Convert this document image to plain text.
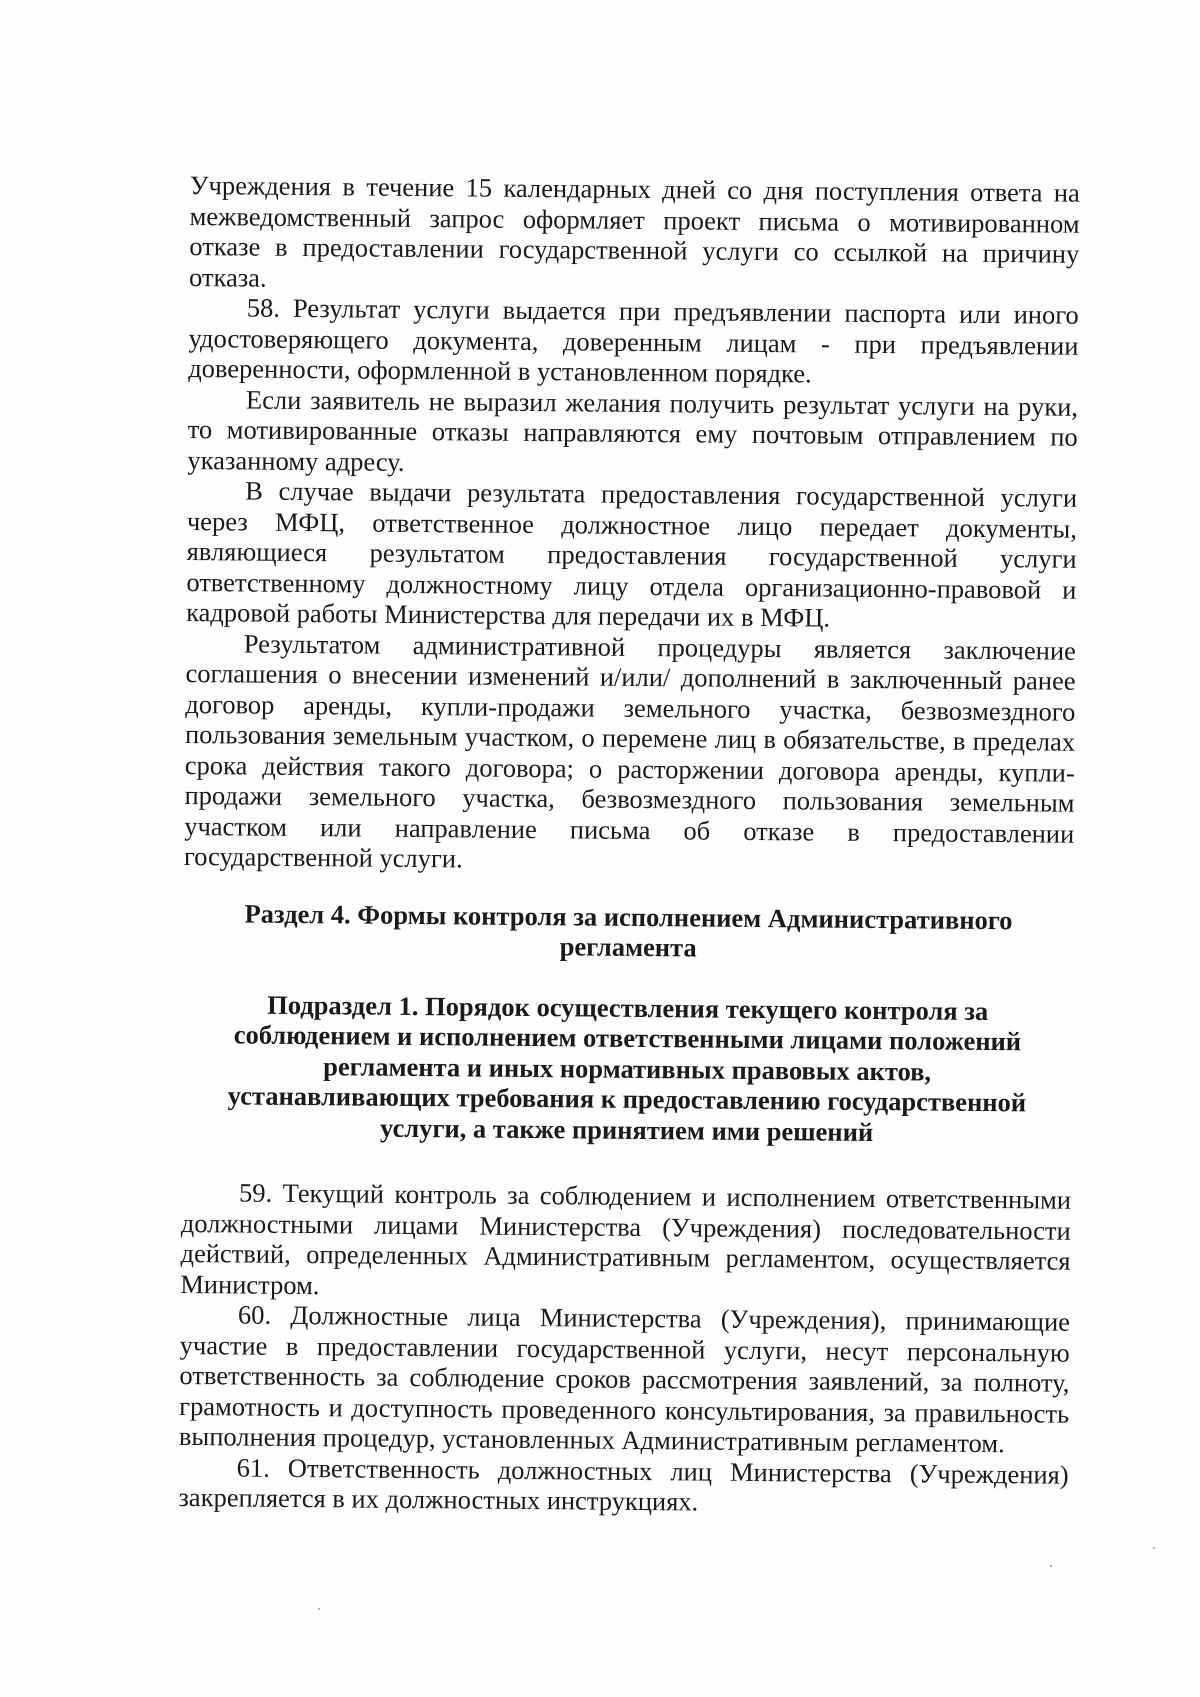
Учреждения в течение 15 календарных дней со дня поступления ответа на межведомственный запрос оформляет проект письма о мотивированном отказе в предоставлении государственной услуги со ссылкой на причину отказа.

58. Результат услуги выдается при предъявлении паспорта или иного удостоверяющего документа, доверенным лицам - при предъявлении доверенности, оформленной в установленном порядке.

Если заявитель не выразил желания получить результат услуги на руки, то мотивированные отказы направляются ему почтовым отправлением по указанному адресу.

В случае выдачи результата предоставления государственной услуги через МФЦ, ответственное должностное лицо передает документы, являющиеся результатом предоставления государственной услуги ответственному должностному лицу отдела организационно-правовой и кадровой работы Министерства для передачи их в МФЦ.

Результатом административной процедуры является заключение соглашения о внесении изменений и/или/ дополнений в заключенный ранее договор аренды, купли-продажи земельного участка, безвозмездного пользования земельным участком, о перемене лиц в обязательстве, в пределах срока действия такого договора; о расторжении договора аренды, купли-продажи земельного участка, безвозмездного пользования земельным участком или направление письма об отказе в предоставлении государственной услуги.

Раздел 4. Формы контроля за исполнением Административного регламента
Подраздел 1. Порядок осуществления текущего контроля за соблюдением и исполнением ответственными лицами положений регламента и иных нормативных правовых актов, устанавливающих требования к предоставлению государственной услуги, а также принятием ими решений

59. Текущий контроль за соблюдением и исполнением ответственными должностными лицами Министерства (Учреждения) последовательности действий, определенных Административным регламентом, осуществляется Министром.

60. Должностные лица Министерства (Учреждения), принимающие участие в предоставлении государственной услуги, несут персональную ответственность за соблюдение сроков рассмотрения заявлений, за полноту, грамотность и доступность проведенного консультирования, за правильность выполнения процедур, установленных Административным регламентом.

61. Ответственность должностных лиц Министерства (Учреждения) закрепляется в их должностных инструкциях.
